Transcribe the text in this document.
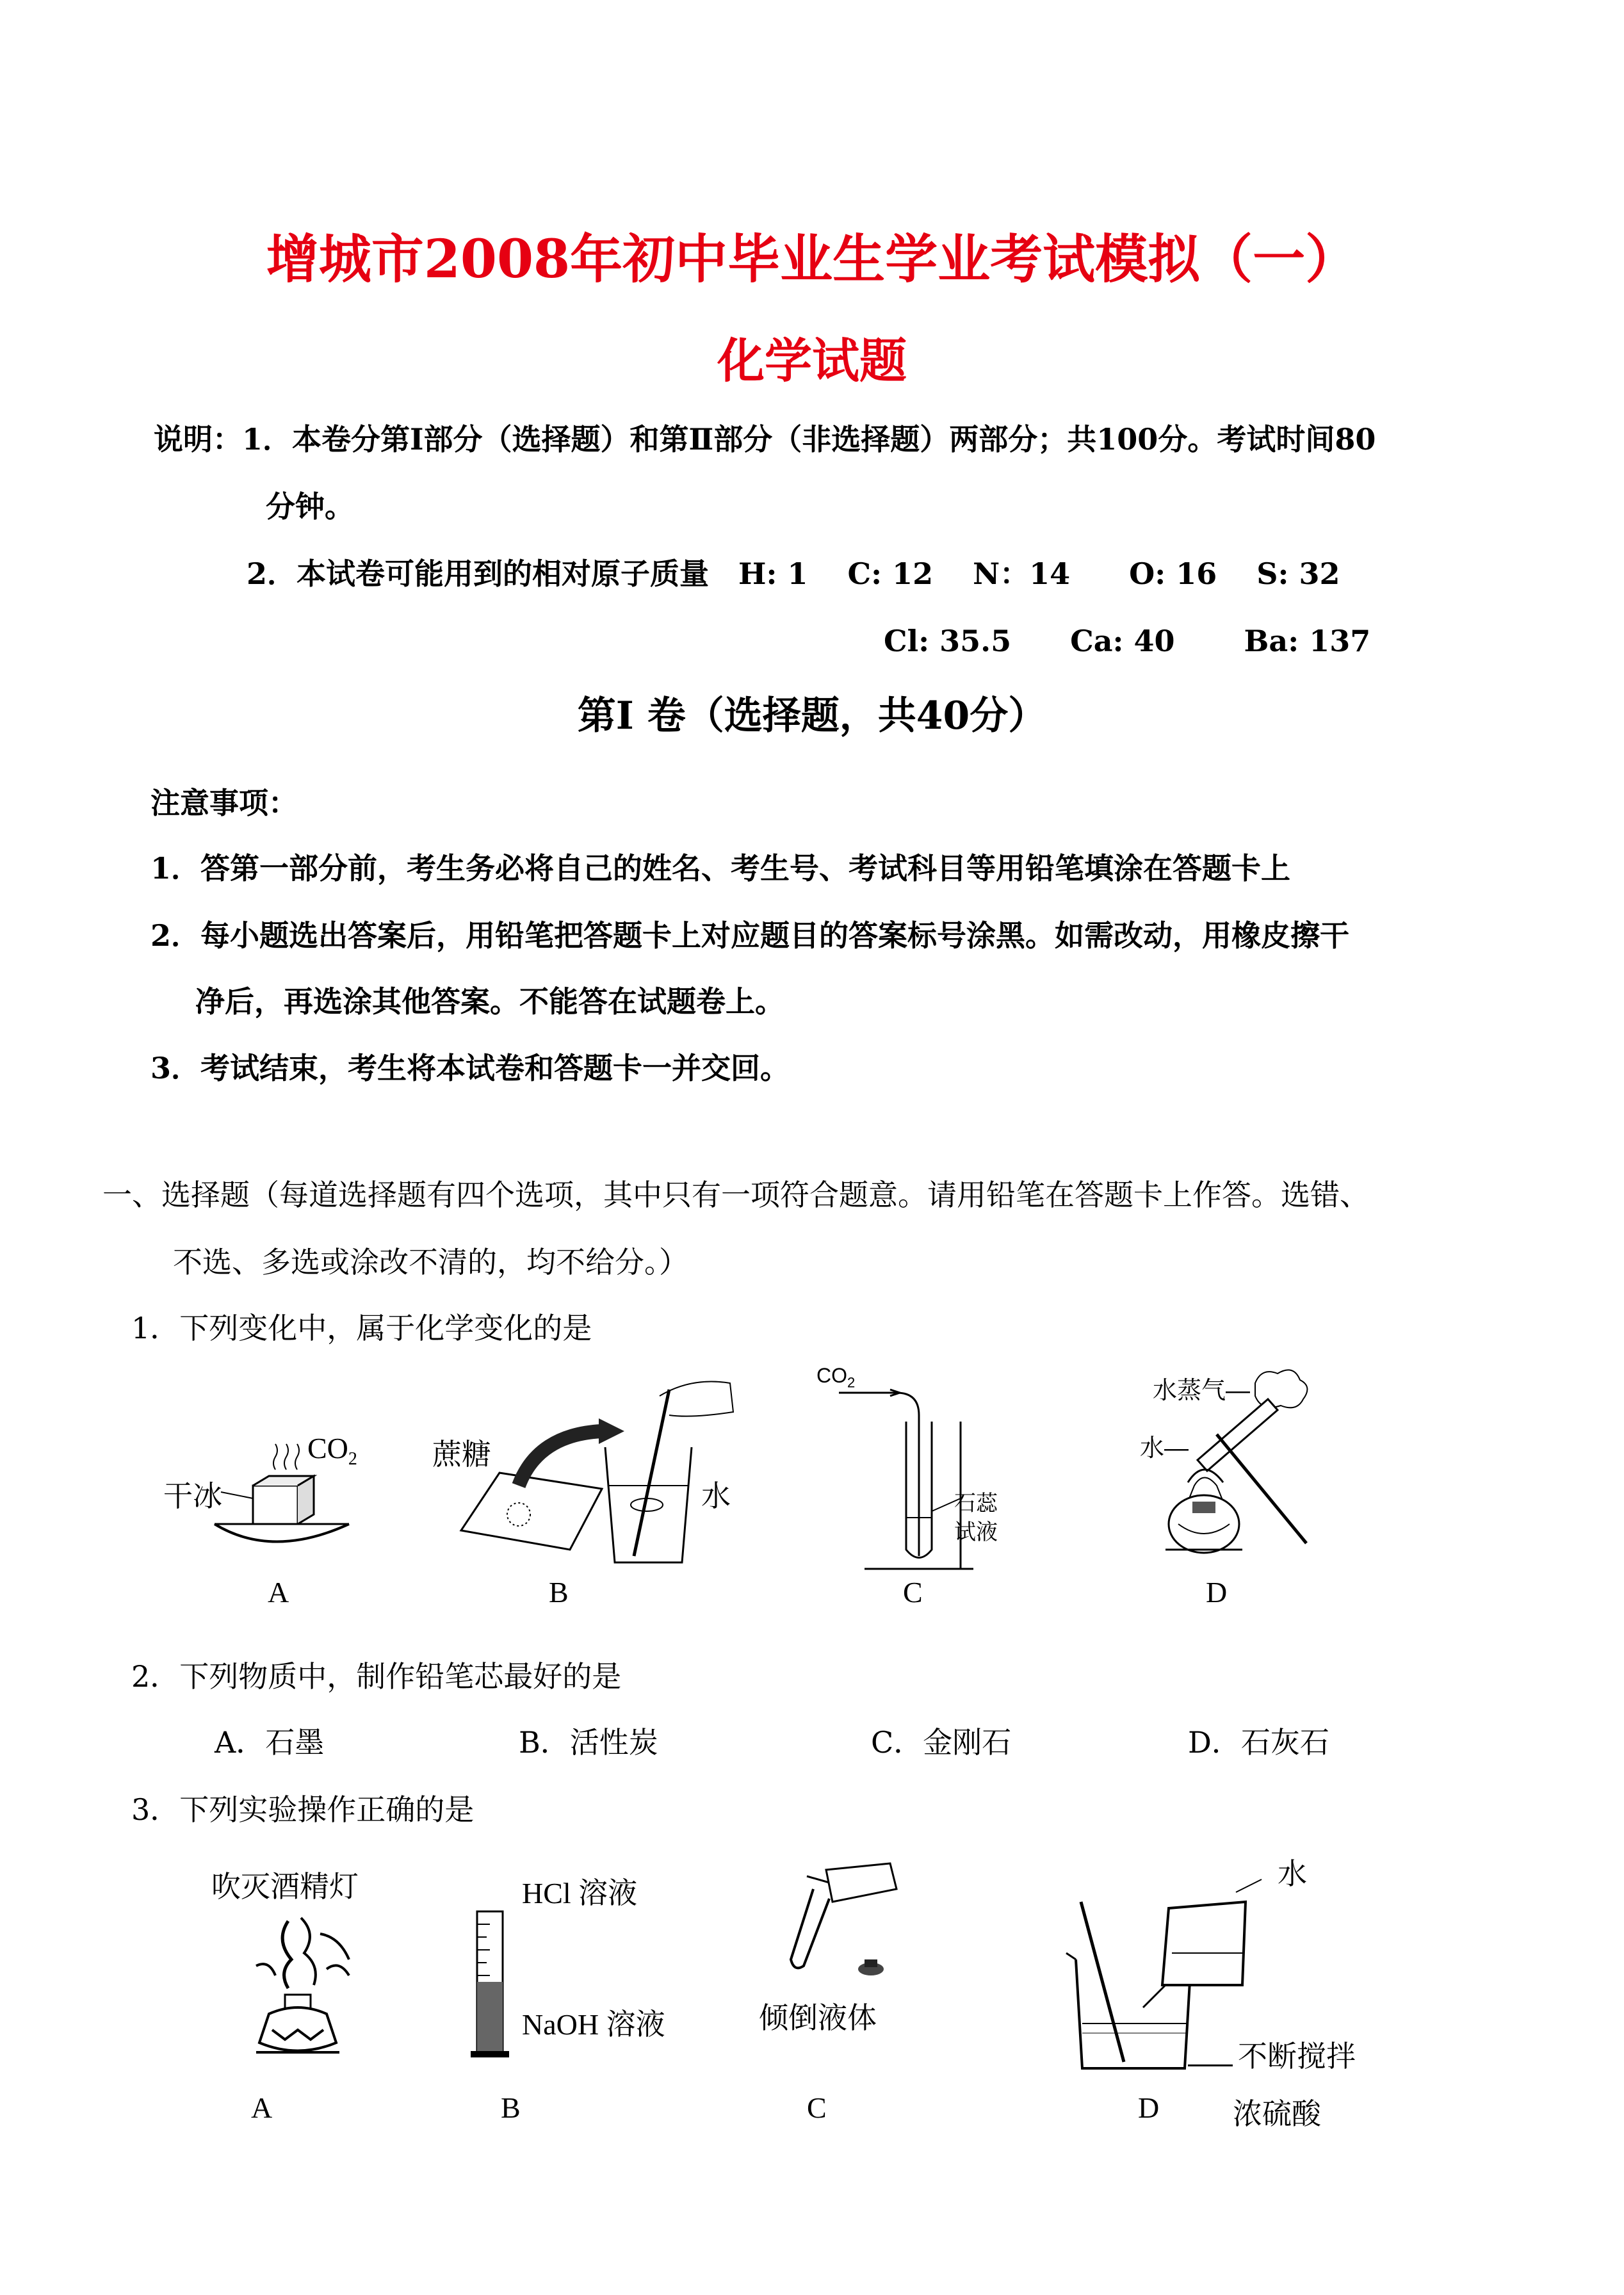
增城市2008年初中毕业生学业考试模拟（一）
化学试题
说明：1．本卷分第Ⅰ部分（选择题）和第Ⅱ部分（非选择题）两部分；共100分。考试时间80
分钟。
2．本试卷可能用到的相对原子质量　H: 1　 C: 12　 N：14　　O: 16　 S: 32
Cl: 35.5　　Ca: 40　　 Ba: 137
第Ⅰ 卷（选择题，共40分）
注意事项：
1．答第一部分前，考生务必将自己的姓名、考生号、考试科目等用铅笔填涂在答题卡上
2．每小题选出答案后，用铅笔把答题卡上对应题目的答案标号涂黑。如需改动，用橡皮擦干
净后，再选涂其他答案。不能答在试题卷上。
3．考试结束，考生将本试卷和答题卡一并交回。
一、选择题（每道选择题有四个选项，其中只有一项符合题意。请用铅笔在答题卡上作答。选错、
不选、多选或涂改不清的，均不给分。）
1．下列变化中，属于化学变化的是
干冰
$CO_2$
A
蔗糖
水
B
$CO_2$
石蕊
试液
C
水蒸气—
水—
D
2．下列物质中，制作铅笔芯最好的是
A．石墨	B．活性炭	C．金刚石	D．石灰石
3．下列实验操作正确的是
吹灭酒精灯
A
HCl 溶液
NaOH 溶液
B
倾倒液体
C
水
不断搅拌
浓硫酸
D
